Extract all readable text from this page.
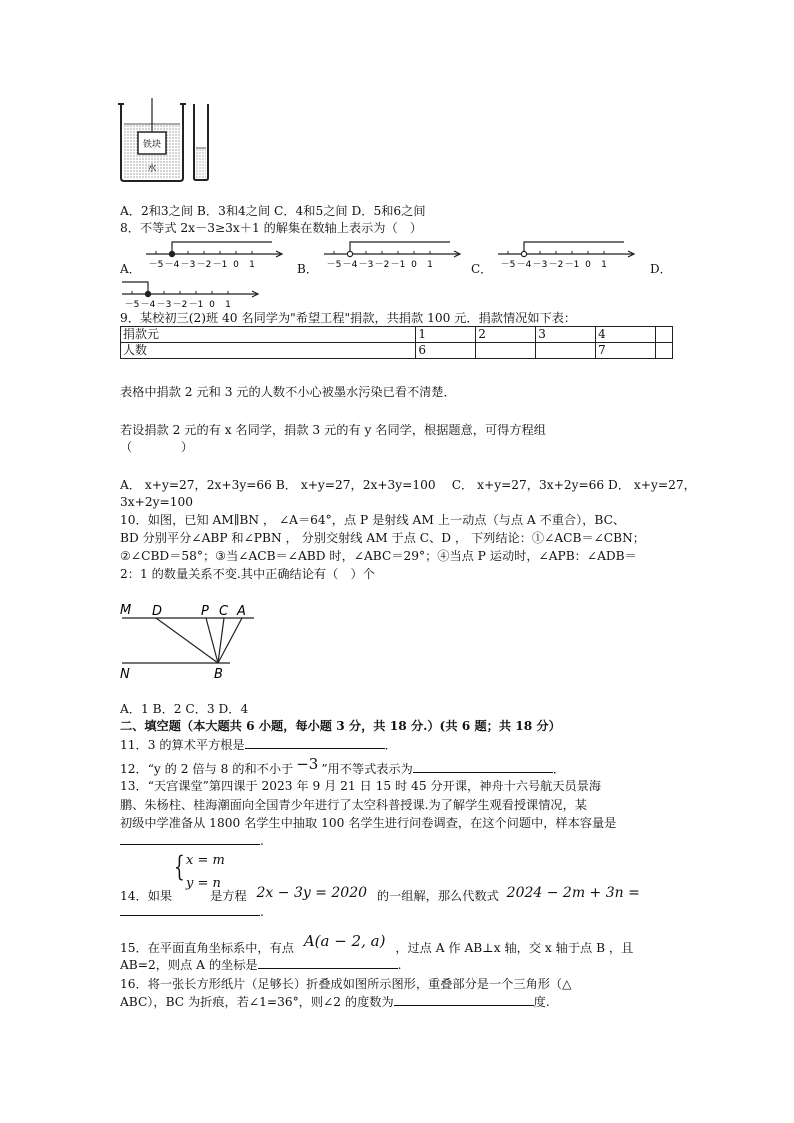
铁块
水
A．2和3之间 B．3和4之间 C．4和5之间 D．5和6之间
8．不等式 2x－3≥3x＋1 的解集在数轴上表示为（　）
A． －5 －4 －3 －2 －1 0 1	B． －5 －4 －3 －2 －1 0 1	C． －5 －4 －3 －2 －1 0 1	D．
－5 －4 －3 －2 －1 0 1
9．某校初三(2)班 40 名同学为"希望工程"捐款，共捐款 100 元．捐款情况如下表：
捐款元	1	2	3	4	
人数	6			7	
表格中捐款 2 元和 3 元的人数不小心被墨水污染已看不清楚．
若设捐款 2 元的有 x 名同学，捐款 3 元的有 y 名同学，根据题意，可得方程组
（　　　　）
A． x+y=27，2x+3y=66 B． x+y=27，2x+3y=100　 C． x+y=27，3x+2y=66 D． x+y=27，
3x+2y=100
10．如图，已知 AM∥BN ， ∠A＝64°，点 P 是射线 AM 上一动点（与点 A 不重合），BC、
BD 分别平分∠ABP 和∠PBN ， 分别交射线 AM 于点 C、D ， 下列结论：①∠ACB＝∠CBN；
②∠CBD＝58°；③当∠ACB＝∠ABD 时，∠ABC＝29°；④当点 P 运动时，∠APB：∠ADB＝
2：1 的数量关系不变.其中正确结论有（　）个
M D	P C A
N	B
A．1 B．2 C．3 D．4
二、填空题（本大题共 6 小题，每小题 3 分，共 18 分.）(共 6 题；共 18 分）
11．3 的算术平方根是	．
12．“y 的 2 倍与 8 的和不小于 −3 ”用不等式表示为	．
13．“天宫课堂”第四课于 2023 年 9 月 21 日 15 时 45 分开课，神舟十六号航天员景海
鹏、朱杨柱、桂海潮面向全国青少年进行了太空科普授课.为了解学生观看授课情况，某
初级中学准备从 1800 名学生中抽取 100 名学生进行问卷调查，在这个问题中，样本容量是
.
{ x = m
y = n
14．如果	是方程 2x − 3y = 2020 的一组解，那么代数式 2024 − 2m + 3n =
.
15．在平面直角坐标系中，有点 A(a − 2, a) ，过点 A 作 AB⊥x 轴，交 x 轴于点 B ，且
AB=2，则点 A 的坐标是	.
16．将一张长方形纸片（足够长）折叠成如图所示图形，重叠部分是一个三角形（△
ABC），BC 为折痕，若∠1=36°，则∠2 的度数为	度.
